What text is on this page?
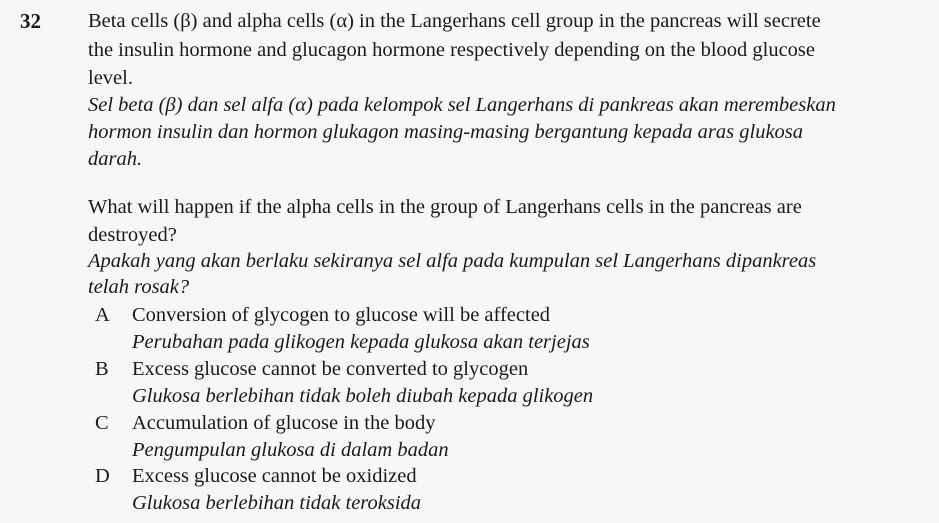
32 Beta cells (β) and alpha cells (α) in the Langerhans cell group in the pancreas will secrete
the insulin hormone and glucagon hormone respectively depending on the blood glucose
level.
Sel beta (β) dan sel alfa (α) pada kelompok sel Langerhans di pankreas akan merembeskan
hormon insulin dan hormon glukagon masing-masing bergantung kepada aras glukosa
darah.
What will happen if the alpha cells in the group of Langerhans cells in the pancreas are
destroyed?
Apakah yang akan berlaku sekiranya sel alfa pada kumpulan sel Langerhans dipankreas
telah rosak?
A Conversion of glycogen to glucose will be affected
Perubahan pada glikogen kepada glukosa akan terjejas
B Excess glucose cannot be converted to glycogen
Glukosa berlebihan tidak boleh diubah kepada glikogen
C Accumulation of glucose in the body
Pengumpulan glukosa di dalam badan
D Excess glucose cannot be oxidized
Glukosa berlebihan tidak teroksida
